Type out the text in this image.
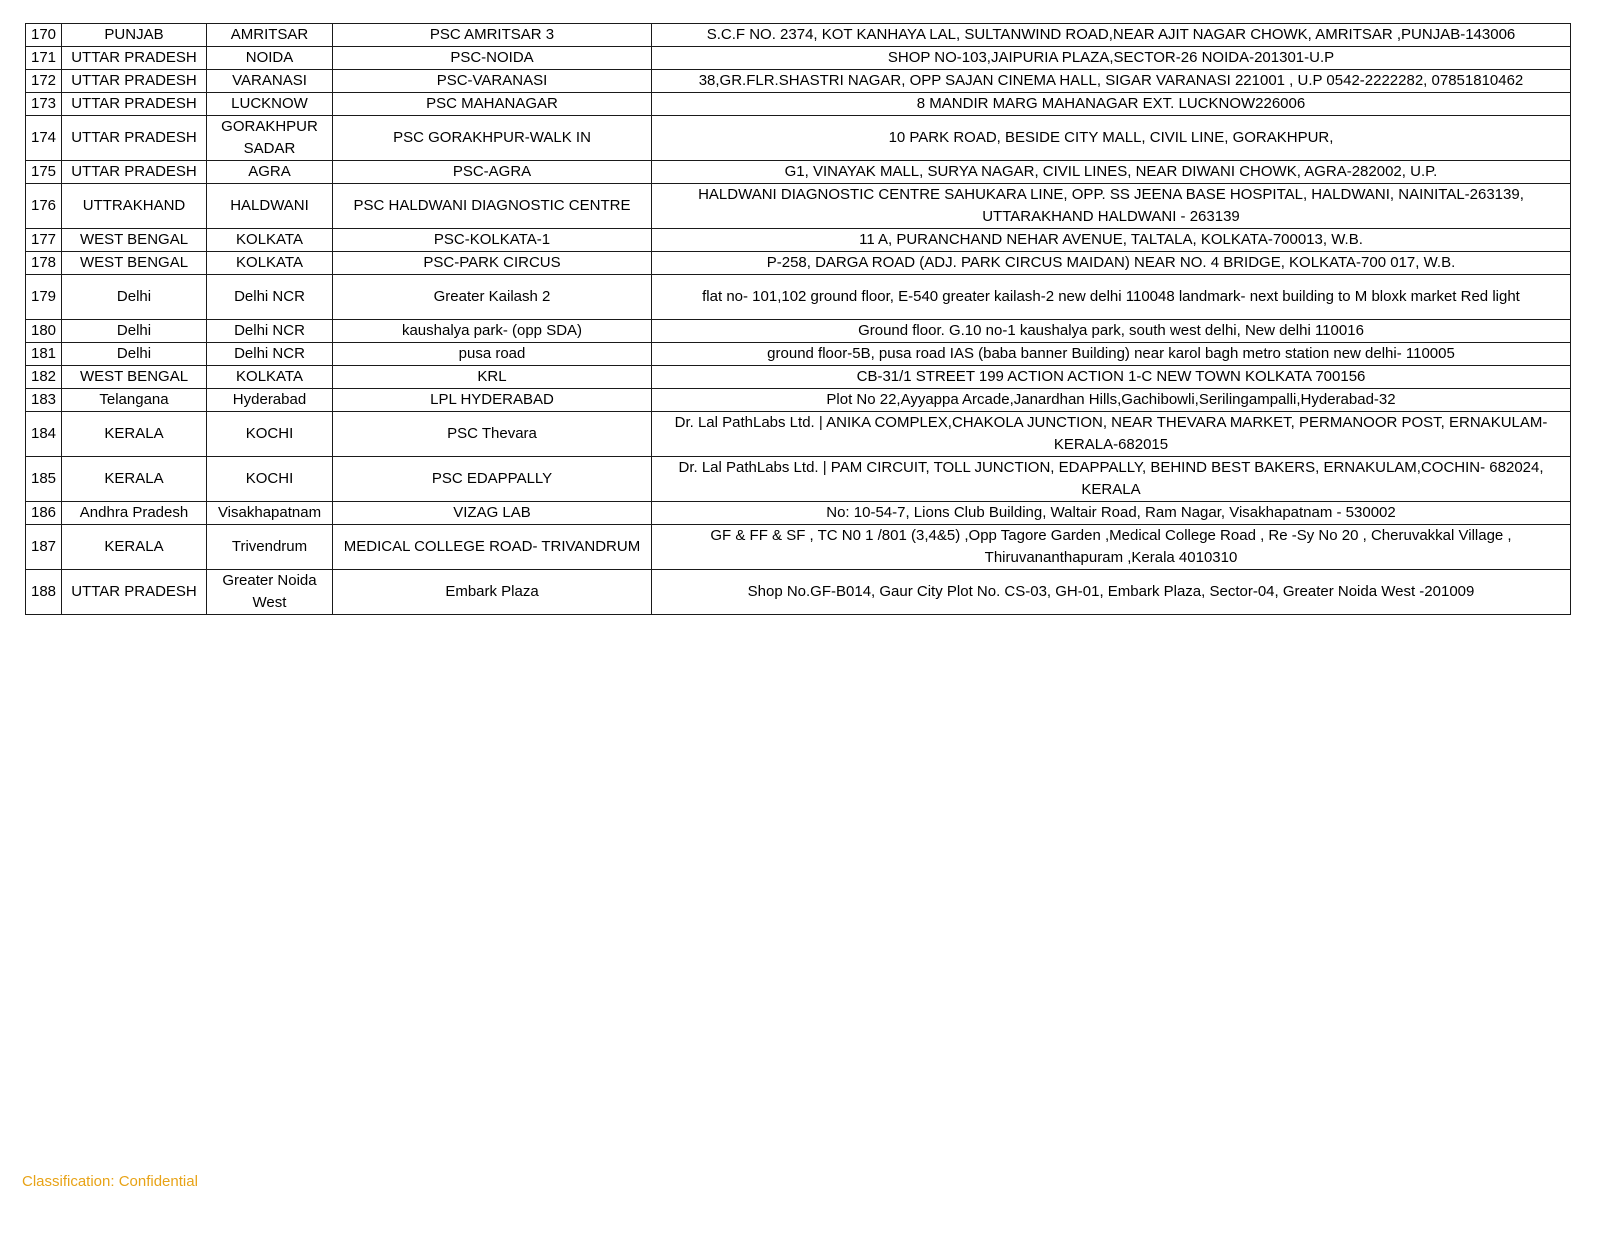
170	PUNJAB	AMRITSAR	PSC AMRITSAR 3	S.C.F NO. 2374, KOT KANHAYA LAL, SULTANWIND ROAD,NEAR AJIT NAGAR CHOWK, AMRITSAR ,PUNJAB-143006
171	UTTAR PRADESH	NOIDA	PSC-NOIDA	SHOP NO-103,JAIPURIA PLAZA,SECTOR-26 NOIDA-201301-U.P
172	UTTAR PRADESH	VARANASI	PSC-VARANASI	38,GR.FLR.SHASTRI NAGAR, OPP SAJAN CINEMA HALL, SIGAR VARANASI 221001 , U.P 0542-2222282, 07851810462
173	UTTAR PRADESH	LUCKNOW	PSC MAHANAGAR	8 MANDIR MARG MAHANAGAR EXT. LUCKNOW226006
174	UTTAR PRADESH	GORAKHPUR SADAR	PSC GORAKHPUR-WALK IN	10 PARK ROAD, BESIDE CITY MALL, CIVIL LINE, GORAKHPUR,
175	UTTAR PRADESH	AGRA	PSC-AGRA	G1, VINAYAK MALL, SURYA NAGAR, CIVIL LINES, NEAR DIWANI CHOWK, AGRA-282002, U.P.
176	UTTRAKHAND	HALDWANI	PSC HALDWANI DIAGNOSTIC CENTRE	HALDWANI DIAGNOSTIC CENTRE SAHUKARA LINE, OPP. SS JEENA BASE HOSPITAL, HALDWANI, NAINITAL-263139, UTTARAKHAND HALDWANI - 263139
177	WEST BENGAL	KOLKATA	PSC-KOLKATA-1	11 A, PURANCHAND NEHAR AVENUE, TALTALA, KOLKATA-700013, W.B.
178	WEST BENGAL	KOLKATA	PSC-PARK CIRCUS	P-258, DARGA ROAD (ADJ. PARK CIRCUS MAIDAN) NEAR NO. 4 BRIDGE, KOLKATA-700 017, W.B.
179	Delhi	Delhi NCR	Greater Kailash 2	flat no- 101,102 ground floor, E-540 greater kailash-2 new delhi 110048 landmark- next building to M bloxk market Red light
180	Delhi	Delhi NCR	kaushalya park- (opp SDA)	Ground floor. G.10 no-1 kaushalya park, south west delhi, New delhi 110016
181	Delhi	Delhi NCR	pusa road	ground floor-5B, pusa road IAS (baba banner Building) near karol bagh metro station new delhi- 110005
182	WEST BENGAL	KOLKATA	KRL	CB-31/1 STREET 199 ACTION ACTION 1-C NEW TOWN KOLKATA 700156
183	Telangana	Hyderabad	LPL HYDERABAD	Plot No 22,Ayyappa Arcade,Janardhan Hills,Gachibowli,Serilingampalli,Hyderabad-32
184	KERALA	KOCHI	PSC Thevara	Dr. Lal PathLabs Ltd. | ANIKA COMPLEX,CHAKOLA JUNCTION, NEAR THEVARA MARKET, PERMANOOR POST, ERNAKULAM-KERALA-682015
185	KERALA	KOCHI	PSC EDAPPALLY	Dr. Lal PathLabs Ltd. | PAM CIRCUIT, TOLL JUNCTION, EDAPPALLY, BEHIND BEST BAKERS, ERNAKULAM,COCHIN- 682024, KERALA
186	Andhra Pradesh	Visakhapatnam	VIZAG LAB	No: 10-54-7, Lions Club Building, Waltair Road, Ram Nagar, Visakhapatnam - 530002
187	KERALA	Trivendrum	MEDICAL COLLEGE ROAD- TRIVANDRUM	GF & FF & SF , TC N0 1 /801 (3,4&5) ,Opp Tagore Garden ,Medical College Road , Re -Sy No 20 , Cheruvakkal Village , Thiruvananthapuram ,Kerala 4010310
188	UTTAR PRADESH	Greater Noida West	Embark Plaza	Shop No.GF-B014, Gaur City Plot No. CS-03, GH-01, Embark Plaza, Sector-04, Greater Noida West -201009
Classification: Confidential
